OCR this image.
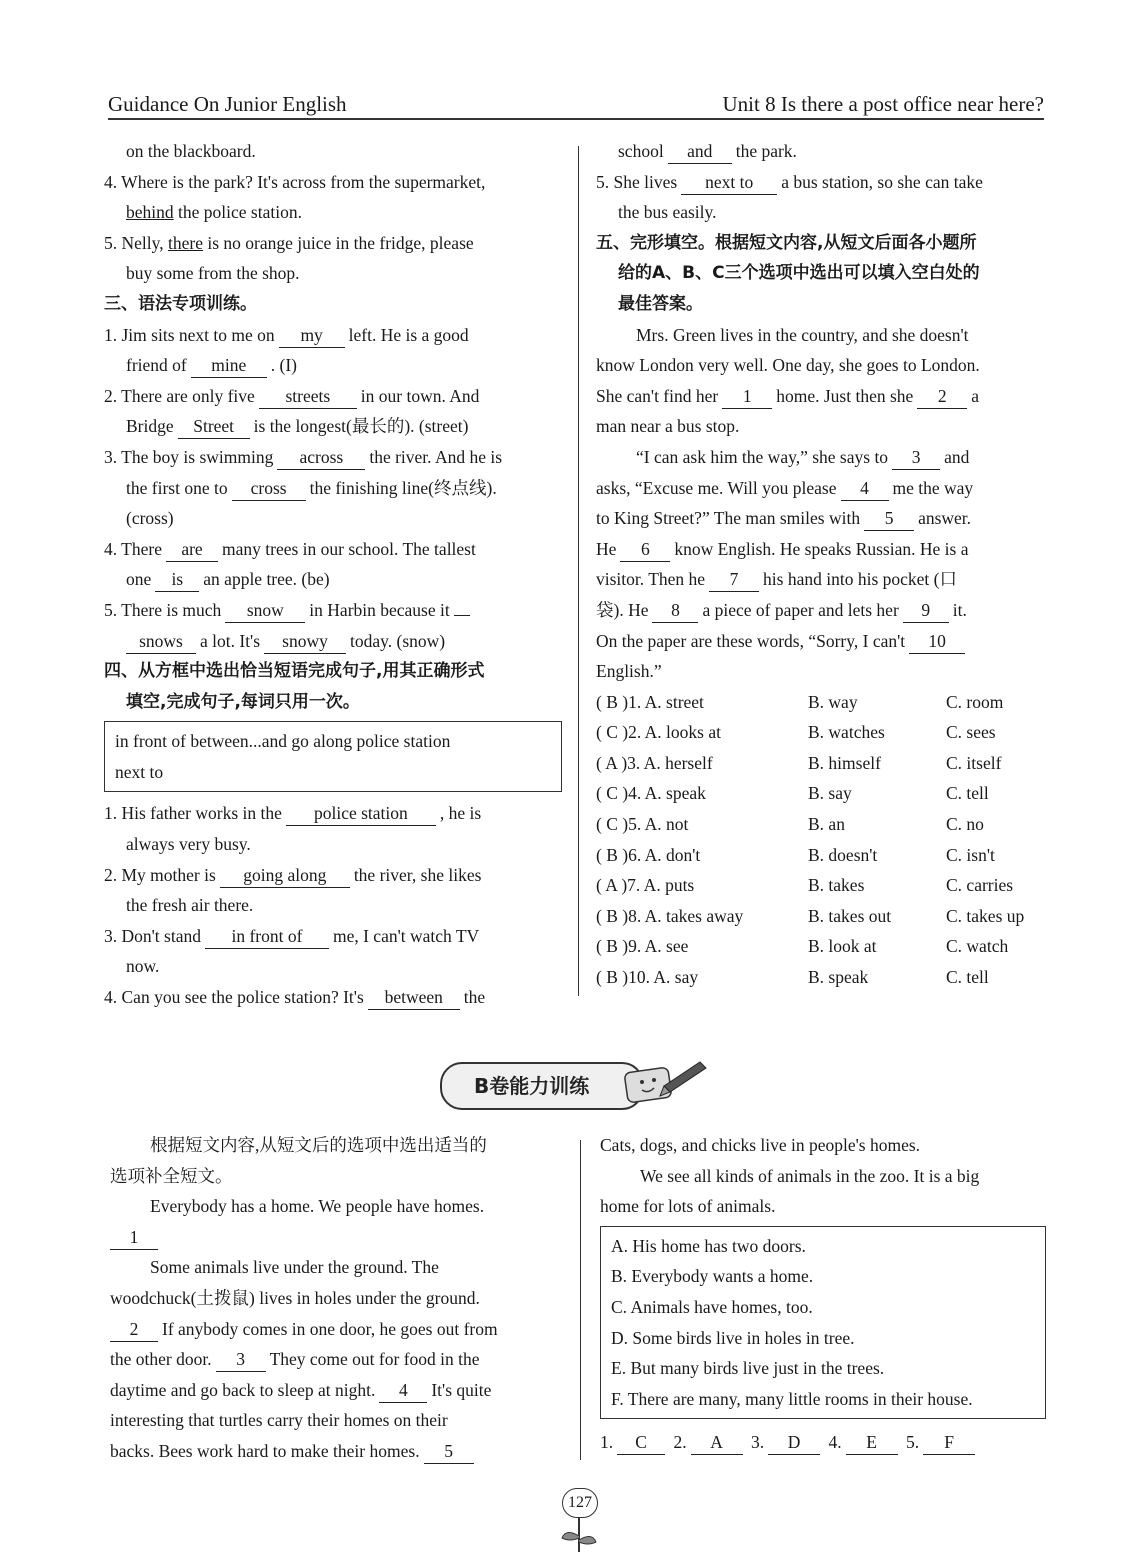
Guidance On Junior English	Unit 8 Is there a post office near here?
on the blackboard.
4. Where is the park? It's across from the supermarket,
behind the police station.
5. Nelly, there is no orange juice in the fridge, please
buy some from the shop.
三、语法专项训练。
1. Jim sits next to me on my left. He is a good
friend of mine . (I)
2. There are only five streets in our town. And
Bridge Street is the longest(最长的). (street)
3. The boy is swimming across the river. And he is
the first one to cross the finishing line(终点线).
(cross)
4. There are many trees in our school. The tallest
one is an apple tree. (be)
5. There is much snow in Harbin because it
snows a lot. It's snowy today. (snow)
四、从方框中选出恰当短语完成句子,用其正确形式
填空,完成句子,每词只用一次。
in front of between...and go along police station
next to
1. His father works in the police station , he is
always very busy.
2. My mother is going along the river, she likes
the fresh air there.
3. Don't stand in front of me, I can't watch TV
now.
4. Can you see the police station? It's between the
school and the park.
5. She lives next to a bus station, so she can take
the bus easily.
五、完形填空。根据短文内容,从短文后面各小题所
给的A、B、C三个选项中选出可以填入空白处的
最佳答案。
Mrs. Green lives in the country, and she doesn't
know London very well. One day, she goes to London.
She can't find her 1 home. Just then she 2 a
man near a bus stop.
“I can ask him the way,” she says to 3 and
asks, “Excuse me. Will you please 4 me the way
to King Street?” The man smiles with 5 answer.
He 6 know English. He speaks Russian. He is a
visitor. Then he 7 his hand into his pocket (口
袋). He 8 a piece of paper and lets her 9 it.
On the paper are these words, “Sorry, I can't 10
English.”
( B )1. A. street	B. way	C. room
( C )2. A. looks at	B. watches	C. sees
( A )3. A. herself	B. himself	C. itself
( C )4. A. speak	B. say	C. tell
( C )5. A. not	B. an	C. no
( B )6. A. don't	B. doesn't	C. isn't
( A )7. A. puts	B. takes	C. carries
( B )8. A. takes away	B. takes out	C. takes up
( B )9. A. see	B. look at	C. watch
( B )10. A. say	B. speak	C. tell
B卷能力训练
根据短文内容,从短文后的选项中选出适当的
选项补全短文。
Everybody has a home. We people have homes.
1
Some animals live under the ground. The
woodchuck(土拨鼠) lives in holes under the ground.
2 If anybody comes in one door, he goes out from
the other door. 3 They come out for food in the
daytime and go back to sleep at night. 4 It's quite
interesting that turtles carry their homes on their
backs. Bees work hard to make their homes. 5
Cats, dogs, and chicks live in people's homes.
We see all kinds of animals in the zoo. It is a big
home for lots of animals.
A. His home has two doors.
B. Everybody wants a home.
C. Animals have homes, too.
D. Some birds live in holes in tree.
E. But many birds live just in the trees.
F. There are many, many little rooms in their house.
1. C 2. A 3. D 4. E 5. F
127
